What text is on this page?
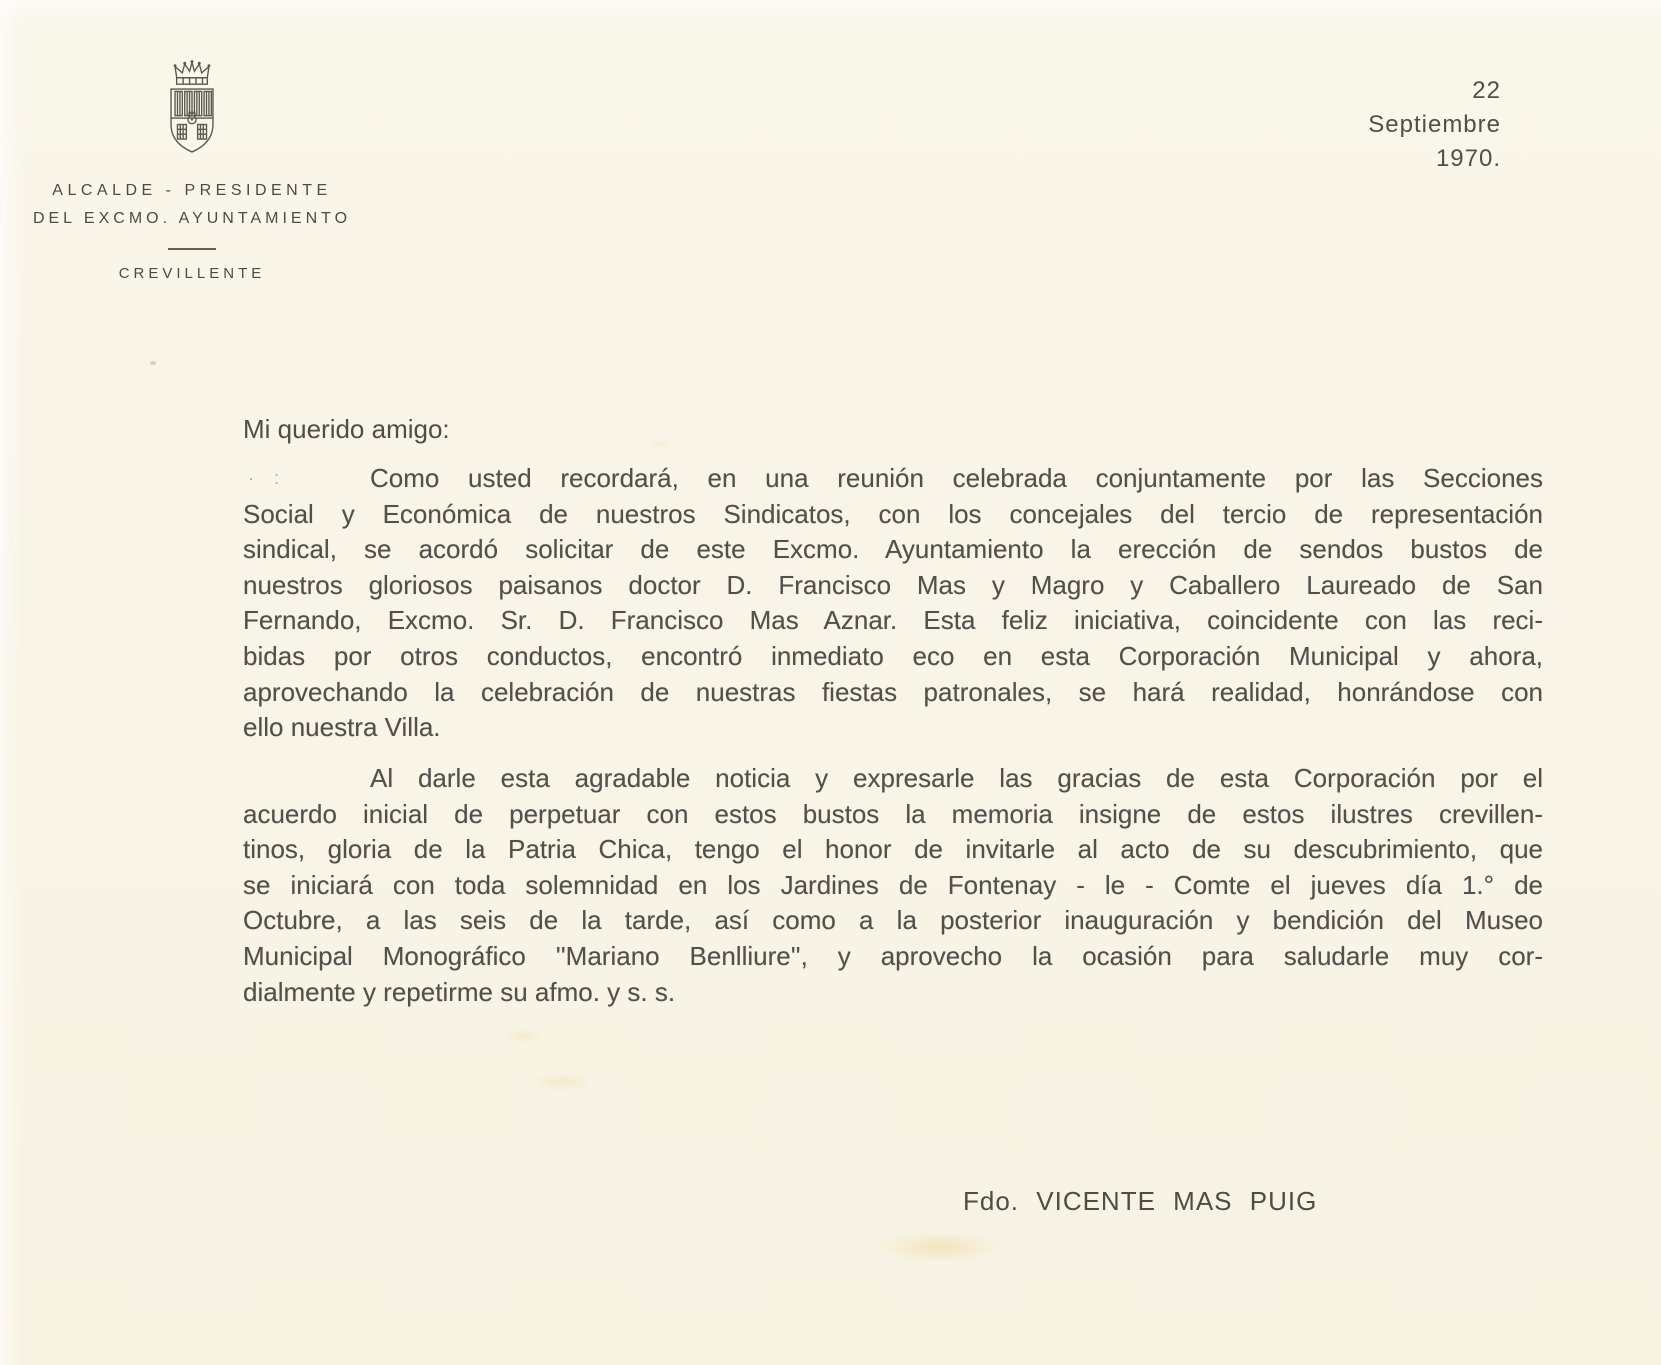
ALCALDE - PRESIDENTE
DEL EXCMO. AYUNTAMIENTO
CREVILLENTE
22
Septiembre
1970.
Mi querido amigo:
·    :	Como usted recordará, en una reunión celebrada conjuntamente por las Secciones
Social y Económica de nuestros Sindicatos, con los concejales del tercio de representación
sindical, se acordó solicitar de este Excmo. Ayuntamiento la erección de sendos bustos de
nuestros gloriosos paisanos doctor D. Francisco Mas y Magro y Caballero Laureado de San
Fernando, Excmo. Sr. D. Francisco Mas Aznar. Esta feliz iniciativa, coincidente con las reci-
bidas por otros conductos, encontró inmediato eco en esta Corporación Municipal y ahora,
aprovechando la celebración de nuestras fiestas patronales, se hará realidad, honrándose con
ello nuestra Villa.
Al darle esta agradable noticia y expresarle las gracias de esta Corporación por el
acuerdo inicial de perpetuar con estos bustos la memoria insigne de estos ilustres crevillen-
tinos, gloria de la Patria Chica, tengo el honor de invitarle al acto de su descubrimiento, que
se iniciará con toda solemnidad en los Jardines de Fontenay - le - Comte el jueves día 1.° de
Octubre, a las seis de la tarde, así como a la posterior inauguración y bendición del Museo
Municipal Monográfico ''Mariano Benlliure'', y aprovecho la ocasión para saludarle muy cor-
dialmente y repetirme su afmo. y s. s.
Fdo. VICENTE MAS PUIG
